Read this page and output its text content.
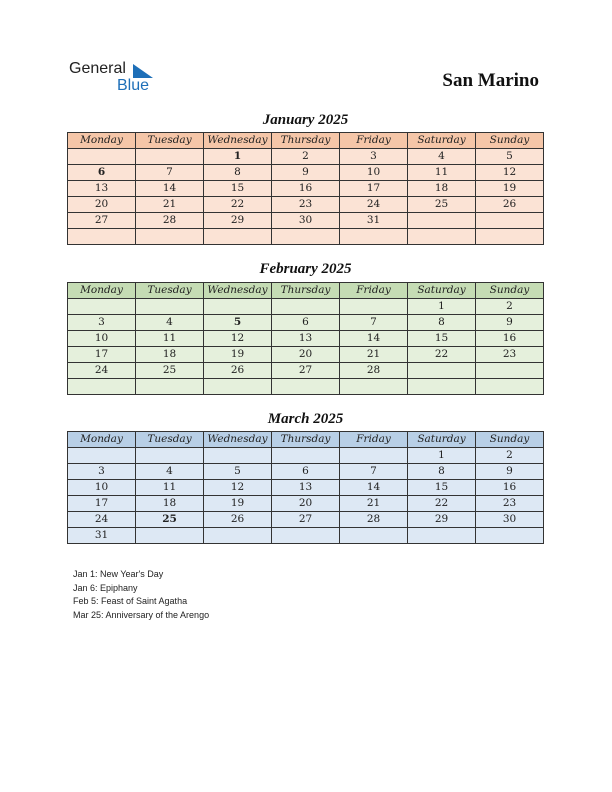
General
Blue	San Marino
January 2025
Monday	Tuesday	Wednesday	Thursday	Friday	Saturday	Sunday
		1	2	3	4	5
6	7	8	9	10	11	12
13	14	15	16	17	18	19
20	21	22	23	24	25	26
27	28	29	30	31		

February 2025
Monday	Tuesday	Wednesday	Thursday	Friday	Saturday	Sunday
					1	2
3	4	5	6	7	8	9
10	11	12	13	14	15	16
17	18	19	20	21	22	23
24	25	26	27	28		

March 2025
Monday	Tuesday	Wednesday	Thursday	Friday	Saturday	Sunday
					1	2
3	4	5	6	7	8	9
10	11	12	13	14	15	16
17	18	19	20	21	22	23
24	25	26	27	28	29	30
31						
Jan 1: New Year's Day
Jan 6: Epiphany
Feb 5: Feast of Saint Agatha
Mar 25: Anniversary of the Arengo
